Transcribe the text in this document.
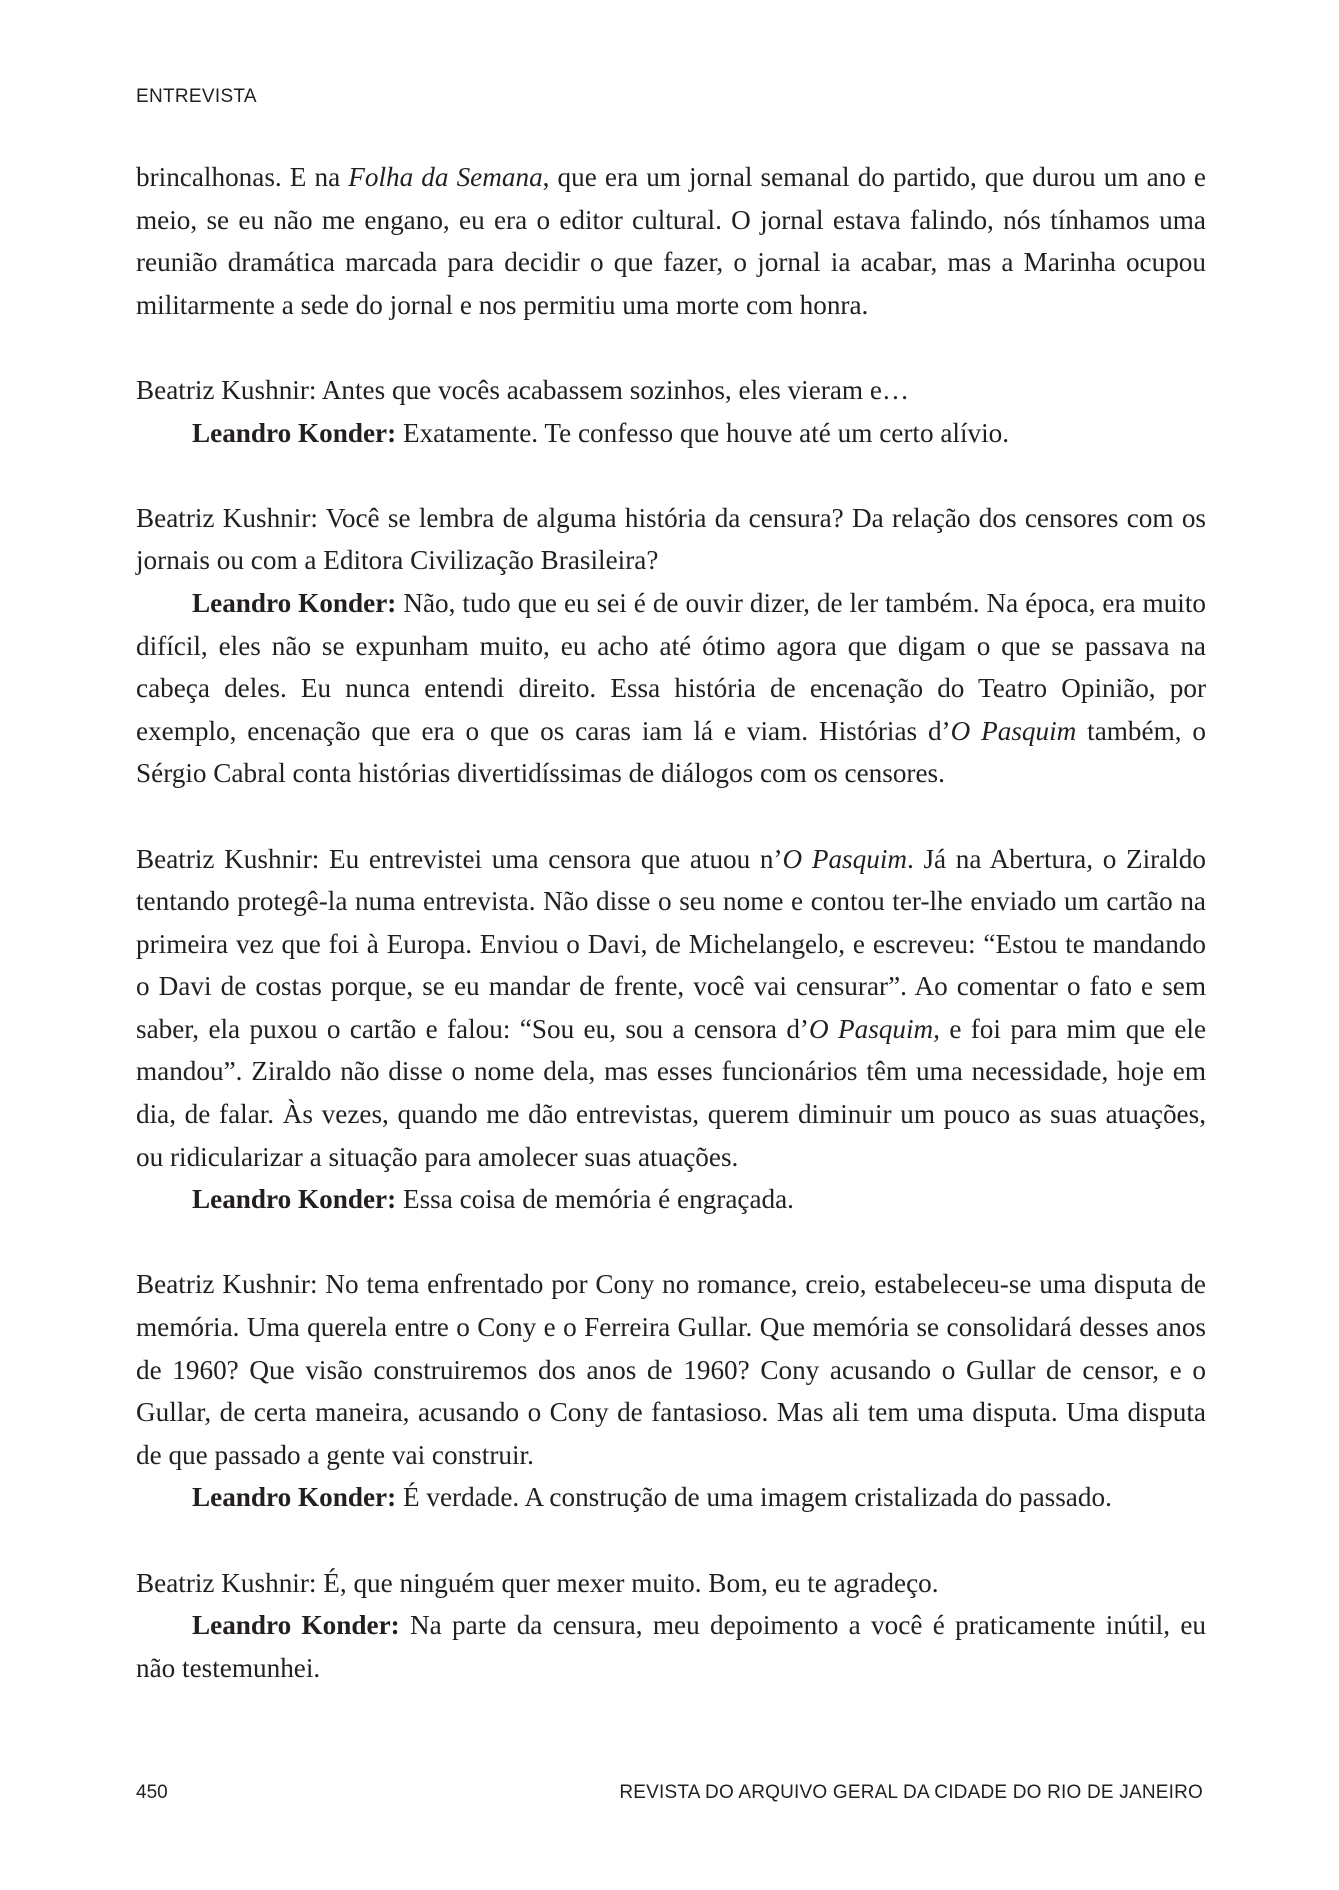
ENTREVISTA

brincalhonas. E na Folha da Semana, que era um jornal semanal do partido, que durou um ano e meio, se eu não me engano, eu era o editor cultural. O jornal estava falindo, nós tínhamos uma reunião dramática marcada para decidir o que fazer, o jornal ia acabar, mas a Marinha ocupou militarmente a sede do jornal e nos permitiu uma morte com honra.

Beatriz Kushnir: Antes que vocês acabassem sozinhos, eles vieram e…

Leandro Konder: Exatamente. Te confesso que houve até um certo alívio.

Beatriz Kushnir: Você se lembra de alguma história da censura? Da relação dos censores com os jornais ou com a Editora Civilização Brasileira?

Leandro Konder: Não, tudo que eu sei é de ouvir dizer, de ler também. Na época, era muito difícil, eles não se expunham muito, eu acho até ótimo agora que digam o que se passava na cabeça deles. Eu nunca entendi direito. Essa história de encenação do Teatro Opinião, por exemplo, encenação que era o que os caras iam lá e viam. Histórias d’O Pasquim também, o Sérgio Cabral conta histórias divertidíssimas de diálogos com os censores.

Beatriz Kushnir: Eu entrevistei uma censora que atuou n’O Pasquim. Já na Abertura, o Ziraldo tentando protegê-la numa entrevista. Não disse o seu nome e contou ter-lhe enviado um cartão na primeira vez que foi à Europa. Enviou o Davi, de Michelangelo, e escreveu: “Estou te mandando o Davi de costas porque, se eu mandar de frente, você vai censurar”. Ao comentar o fato e sem saber, ela puxou o cartão e falou: “Sou eu, sou a censora d’O Pasquim, e foi para mim que ele mandou”. Ziraldo não disse o nome dela, mas esses funcionários têm uma necessidade, hoje em dia, de falar. Às vezes, quando me dão entrevistas, querem diminuir um pouco as suas atuações, ou ridicularizar a situação para amolecer suas atuações.

Leandro Konder: Essa coisa de memória é engraçada.

Beatriz Kushnir: No tema enfrentado por Cony no romance, creio, estabeleceu-se uma disputa de memória. Uma querela entre o Cony e o Ferreira Gullar. Que memória se consolidará desses anos de 1960? Que visão construiremos dos anos de 1960? Cony acusando o Gullar de censor, e o Gullar, de certa maneira, acusando o Cony de fantasioso. Mas ali tem uma disputa. Uma disputa de que passado a gente vai construir.

Leandro Konder: É verdade. A construção de uma imagem cristalizada do passado.

Beatriz Kushnir: É, que ninguém quer mexer muito. Bom, eu te agradeço.

Leandro Konder: Na parte da censura, meu depoimento a você é praticamente inútil, eu não testemunhei.

450	REVISTA DO ARQUIVO GERAL DA CIDADE DO RIO DE JANEIRO
